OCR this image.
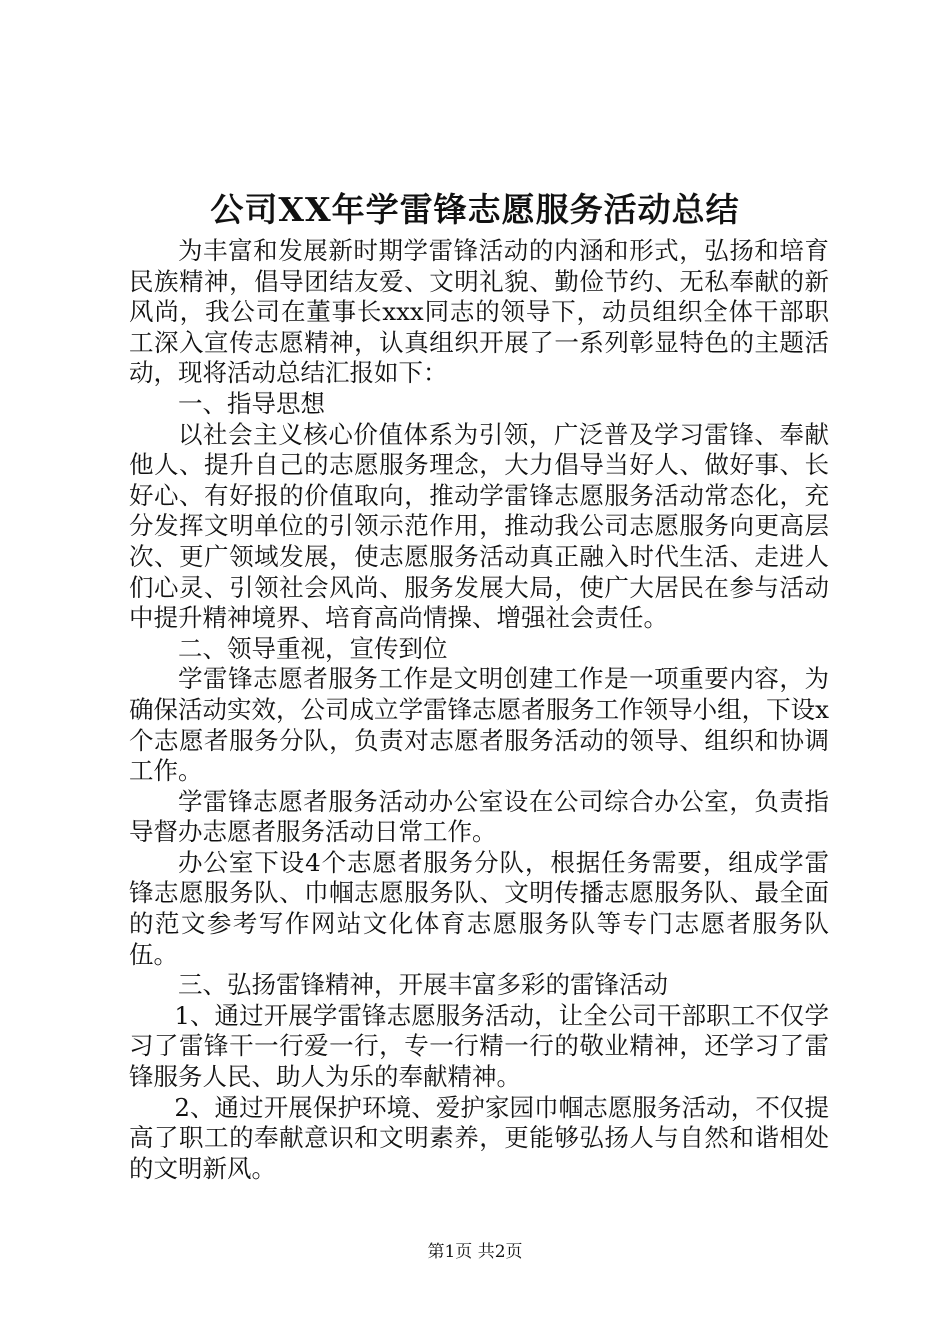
公司XX年学雷锋志愿服务活动总结

为丰富和发展新时期学雷锋活动的内涵和形式，弘扬和培育民族精神，倡导团结友爱、文明礼貌、勤俭节约、无私奉献的新风尚，我公司在董事长xxx同志的领导下，动员组织全体干部职工深入宣传志愿精神，认真组织开展了一系列彰显特色的主题活动，现将活动总结汇报如下：

一、指导思想

以社会主义核心价值体系为引领，广泛普及学习雷锋、奉献他人、提升自己的志愿服务理念，大力倡导当好人、做好事、长好心、有好报的价值取向，推动学雷锋志愿服务活动常态化，充分发挥文明单位的引领示范作用，推动我公司志愿服务向更高层次、更广领域发展，使志愿服务活动真正融入时代生活、走进人们心灵、引领社会风尚、服务发展大局，使广大居民在参与活动中提升精神境界、培育高尚情操、增强社会责任。

二、领导重视，宣传到位

学雷锋志愿者服务工作是文明创建工作是一项重要内容，为确保活动实效，公司成立学雷锋志愿者服务工作领导小组，下设x个志愿者服务分队，负责对志愿者服务活动的领导、组织和协调工作。

学雷锋志愿者服务活动办公室设在公司综合办公室，负责指导督办志愿者服务活动日常工作。

办公室下设4个志愿者服务分队，根据任务需要，组成学雷锋志愿服务队、巾帼志愿服务队、文明传播志愿服务队、最全面的范文参考写作网站文化体育志愿服务队等专门志愿者服务队伍。

三、弘扬雷锋精神，开展丰富多彩的雷锋活动

1、通过开展学雷锋志愿服务活动，让全公司干部职工不仅学习了雷锋干一行爱一行，专一行精一行的敬业精神，还学习了雷锋服务人民、助人为乐的奉献精神。

2、通过开展保护环境、爱护家园巾帼志愿服务活动，不仅提高了职工的奉献意识和文明素养，更能够弘扬人与自然和谐相处的文明新风。

第1页 共2页
